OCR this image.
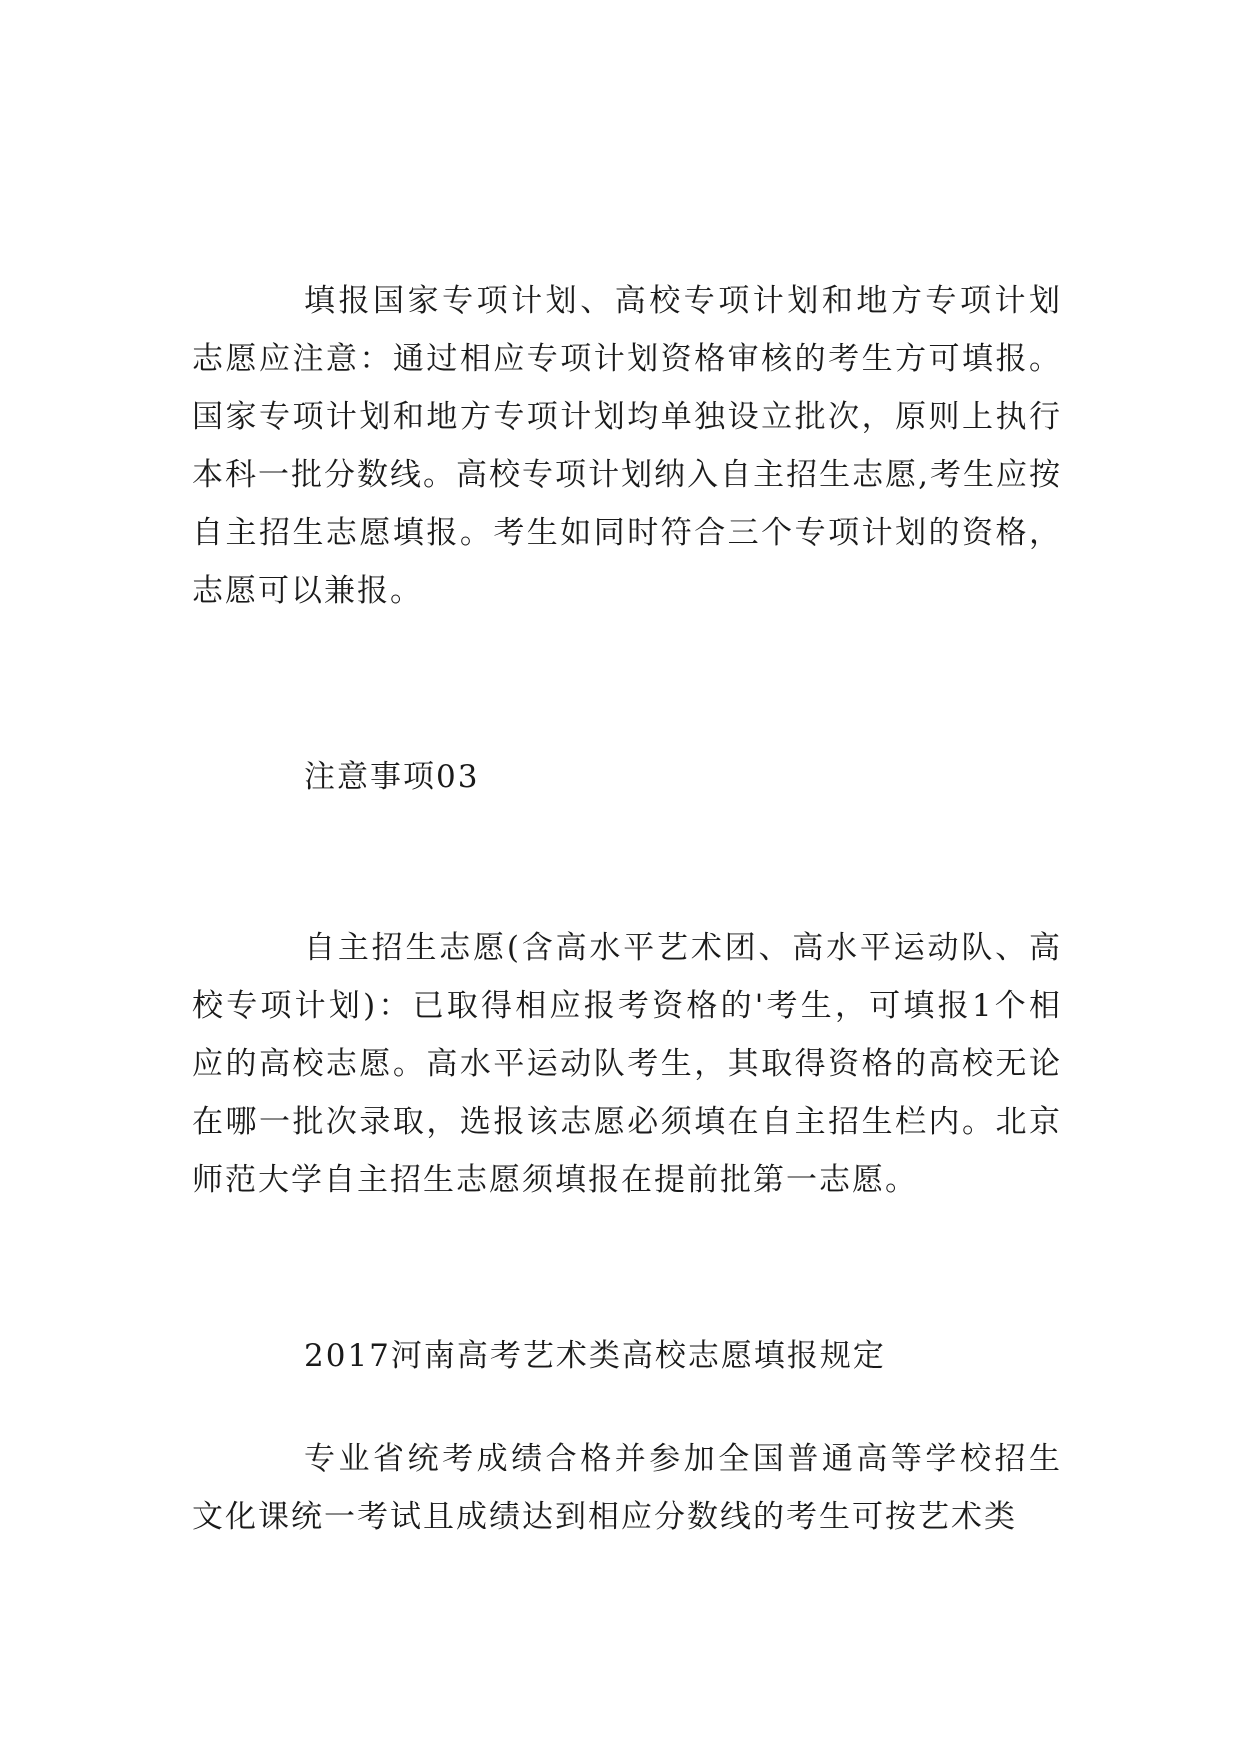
填报国家专项计划、高校专项计划和地方专项计划志愿应注意：通过相应专项计划资格审核的考生方可填报。国家专项计划和地方专项计划均单独设立批次，原则上执行本科一批分数线。高校专项计划纳入自主招生志愿,考生应按自主招生志愿填报。考生如同时符合三个专项计划的资格，志愿可以兼报。

注意事项03

自主招生志愿(含高水平艺术团、高水平运动队、高校专项计划)：已取得相应报考资格的'考生，可填报1个相应的高校志愿。高水平运动队考生，其取得资格的高校无论在哪一批次录取，选报该志愿必须填在自主招生栏内。北京师范大学自主招生志愿须填报在提前批第一志愿。

2017河南高考艺术类高校志愿填报规定

专业省统考成绩合格并参加全国普通高等学校招生文化课统一考试且成绩达到相应分数线的考生可按艺术类
